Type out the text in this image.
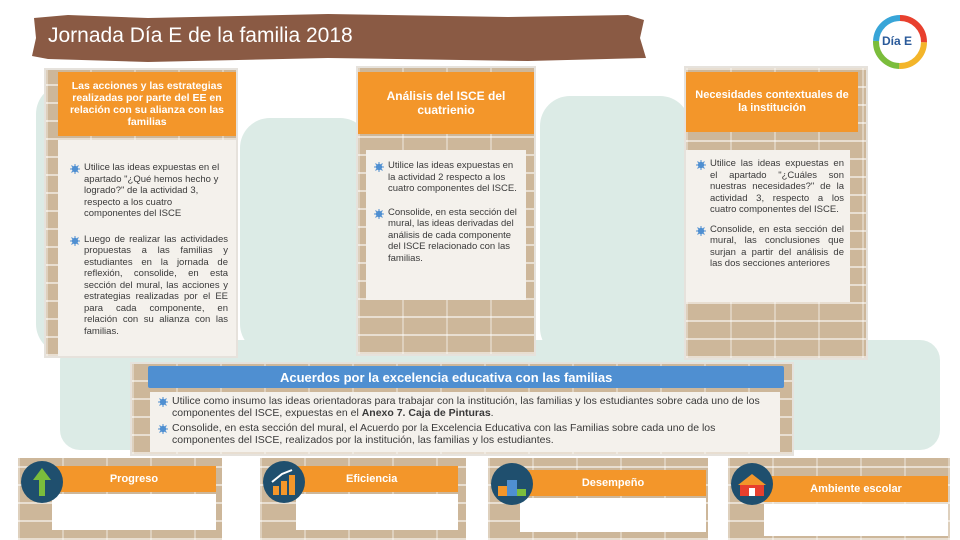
Jornada Día E de la familia 2018	Día E
Las acciones y las estrategias realizadas por parte del EE en relación con su alianza con las familias
Utilice las ideas expuestas en el apartado "¿Qué hemos hecho y logrado?" de la actividad 3, respecto a los cuatro componentes del ISCE
Luego de realizar las actividades propuestas a las familias y estudiantes en la jornada de reflexión, consolide, en esta sección del mural, las acciones y estrategias realizadas por el EE para cada componente, en relación con su alianza con las familias.
Análisis del ISCE del cuatrienio
Utilice las ideas expuestas en la actividad 2 respecto a los cuatro componentes del ISCE.
Consolide, en esta sección del mural, las ideas derivadas del análisis de cada componente del ISCE relacionado con las familias.
Necesidades contextuales de la institución
Utilice las ideas expuestas en el apartado "¿Cuáles son nuestras necesidades?" de la actividad 3, respecto a los cuatro componentes del ISCE.
Consolide, en esta sección del mural, las conclusiones que surjan a partir del análisis de las dos secciones anteriores
Acuerdos por la excelencia educativa con las familias
Utilice como insumo las ideas orientadoras para trabajar con la institución, las familias y los estudiantes sobre cada uno de los componentes del ISCE, expuestas en el Anexo 7. Caja de Pinturas.
Consolide, en esta sección del mural, el Acuerdo por la Excelencia Educativa con las Familias sobre cada uno de los componentes del ISCE, realizados por la institución, las familias y los estudiantes.
Progreso	Eficiencia	Desempeño	Ambiente escolar
